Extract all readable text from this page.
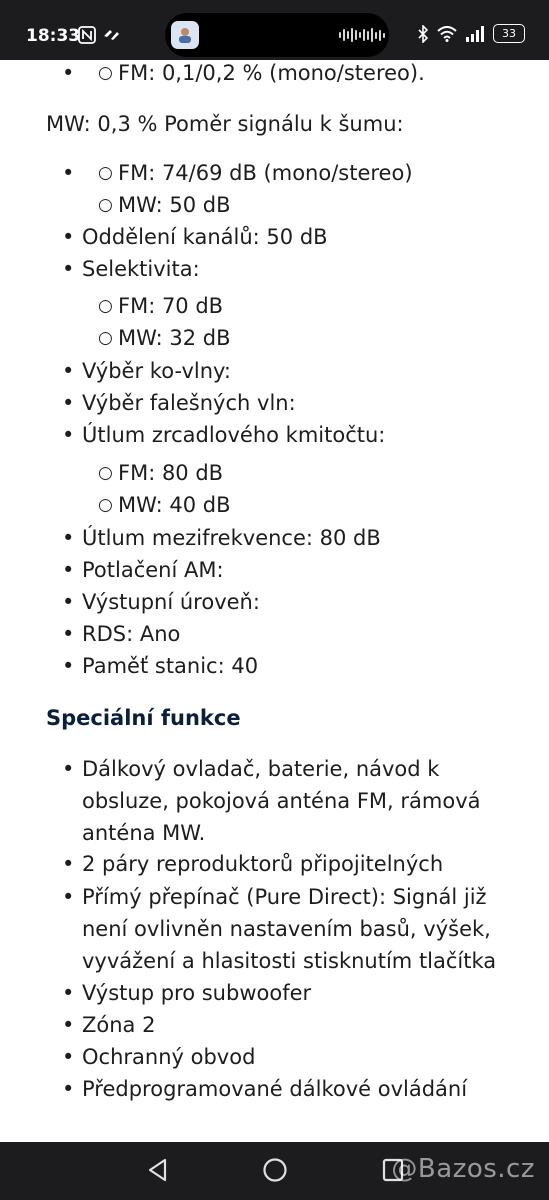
18:33	33
• ○ FM: 0,1/0,2 % (mono/stereo).
MW: 0,3 % Poměr signálu k šumu:
• ○ FM: 74/69 dB (mono/stereo)
○ MW: 50 dB
• Oddělení kanálů: 50 dB
• Selektivita:
○ FM: 70 dB
○ MW: 32 dB
• Výběr ko-vlny:
• Výběr falešných vln:
• Útlum zrcadlového kmitočtu:
○ FM: 80 dB
○ MW: 40 dB
• Útlum mezifrekvence: 80 dB
• Potlačení AM:
• Výstupní úroveň:
• RDS: Ano
• Paměť stanic: 40
Speciální funkce
• Dálkový ovladač, baterie, návod k
obsluze, pokojová anténa FM, rámová
anténa MW.
• 2 páry reproduktorů připojitelných
• Přímý přepínač (Pure Direct): Signál již
není ovlivněn nastavením basů, výšek,
vyvážení a hlasitosti stisknutím tlačítka
• Výstup pro subwoofer
• Zóna 2
• Ochranný obvod
• Předprogramované dálkové ovládání
@Bazos.cz
